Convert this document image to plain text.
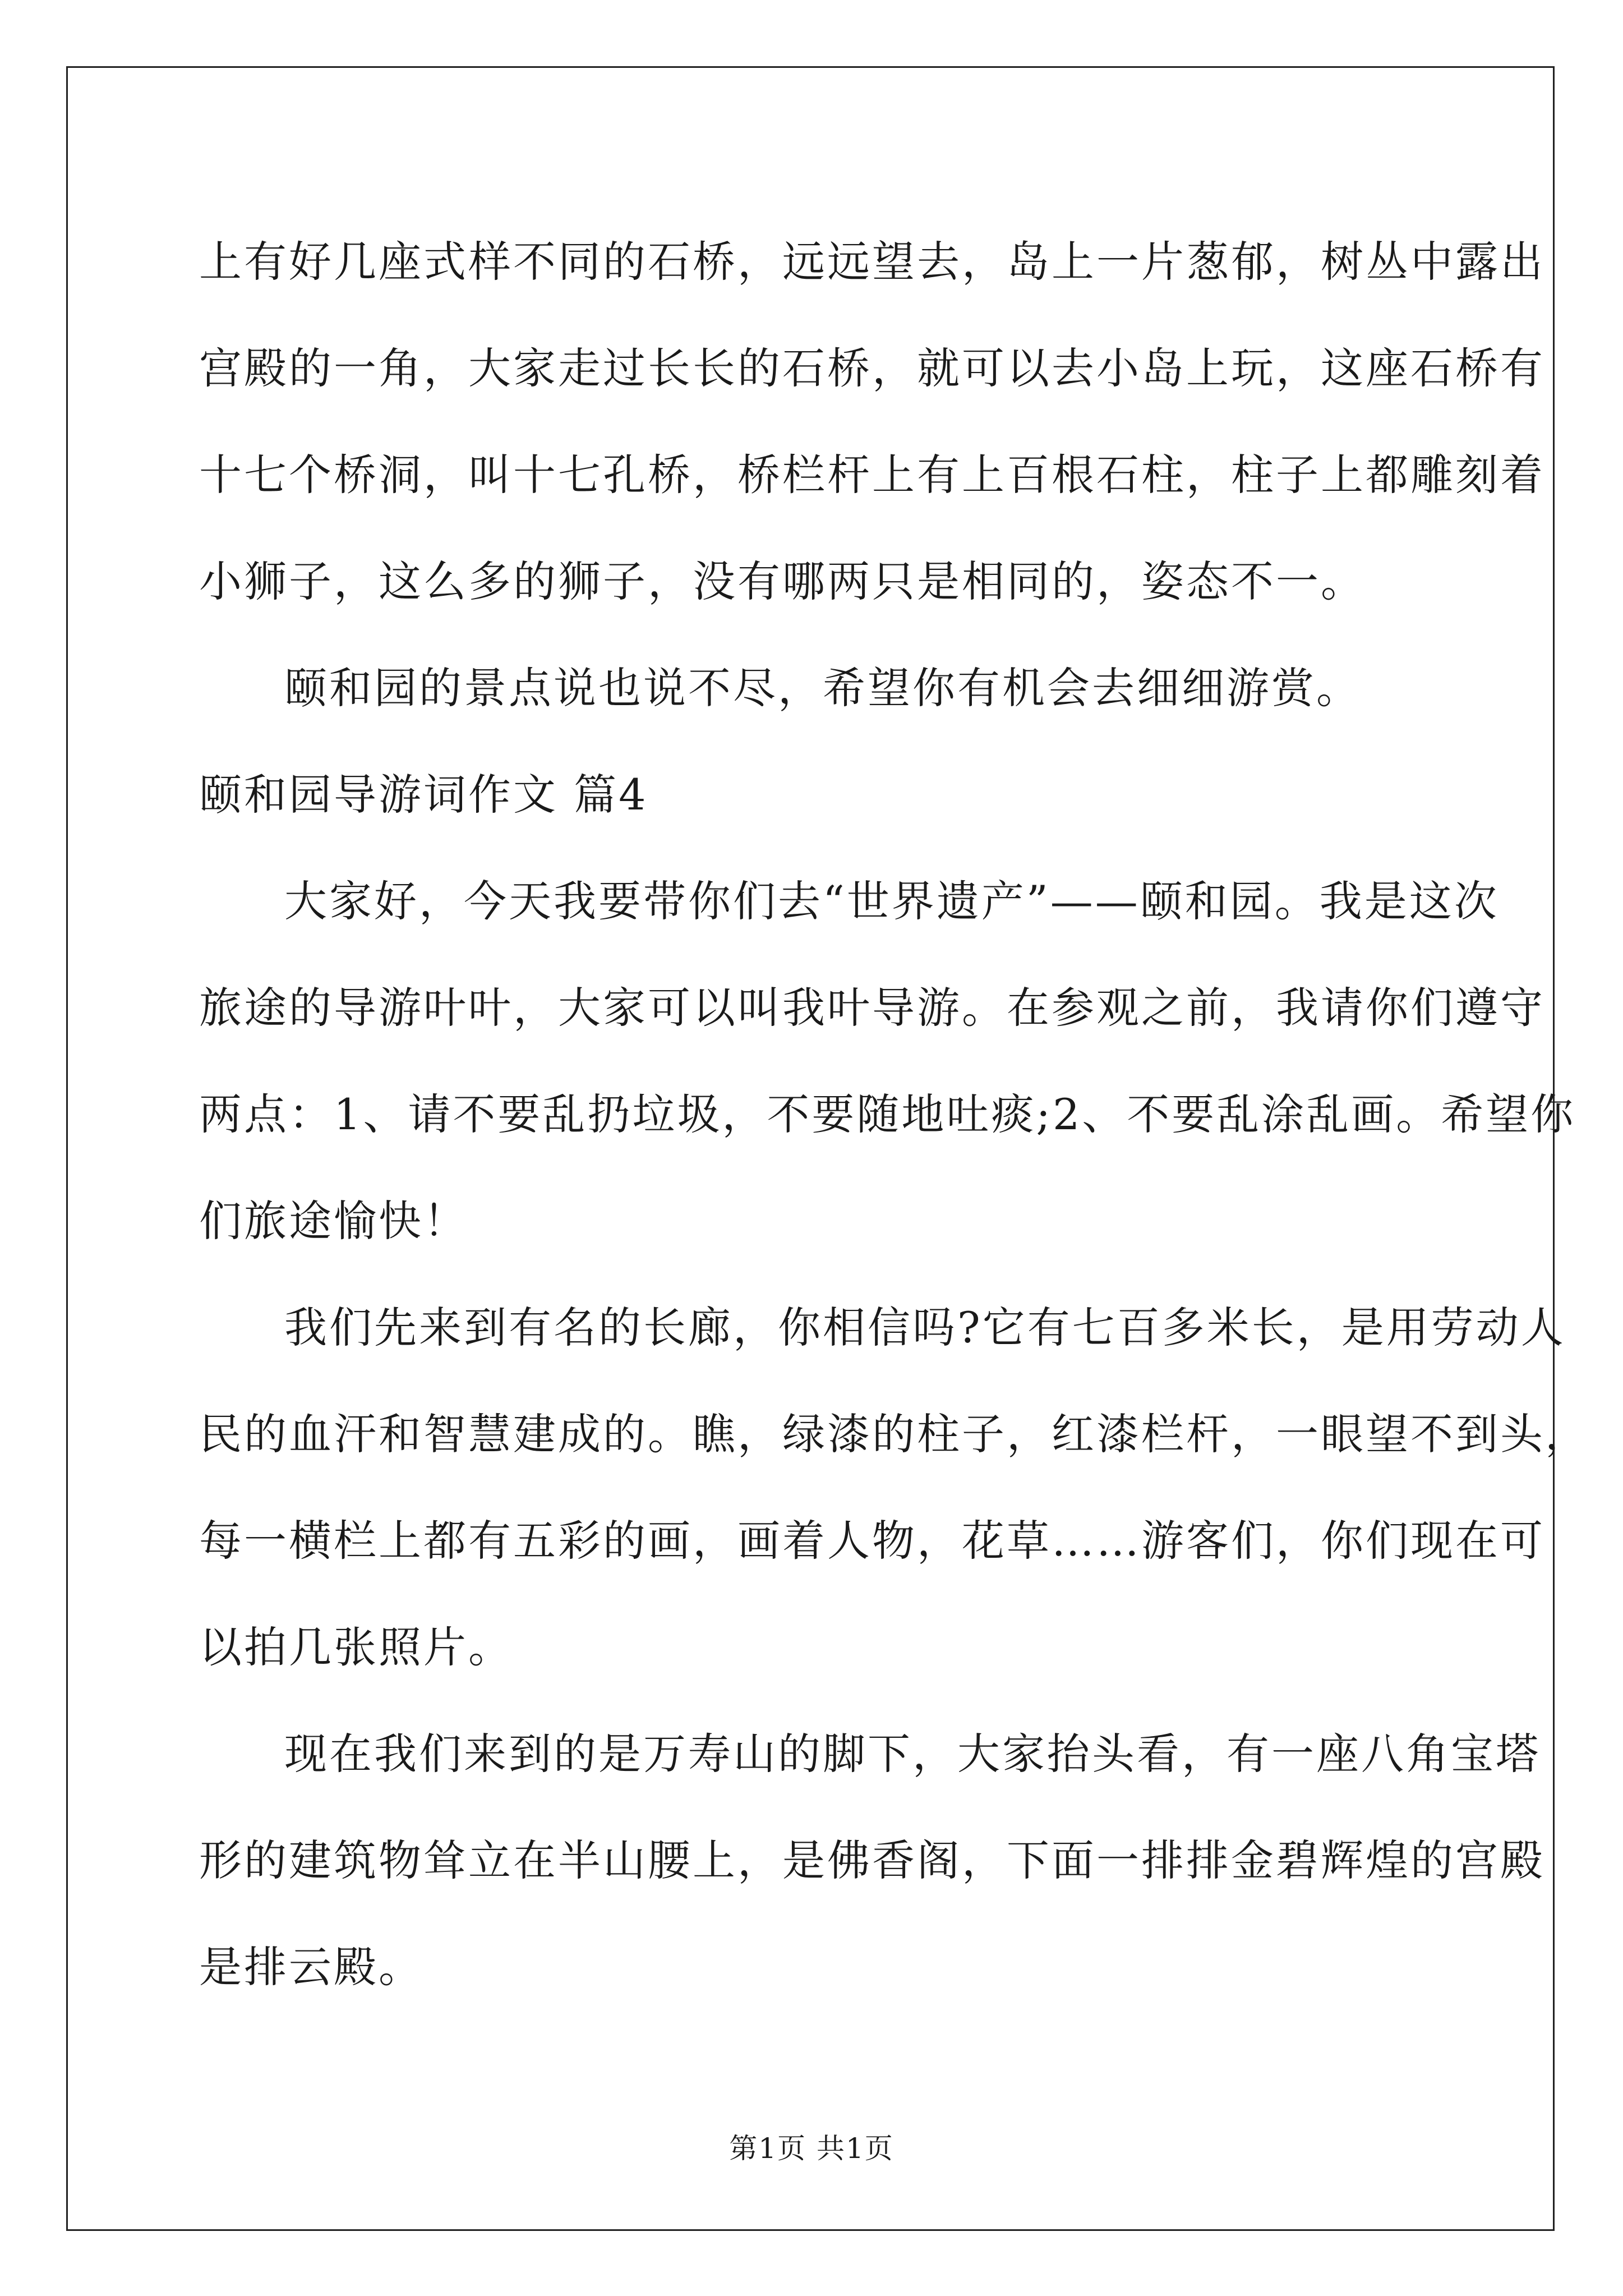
上有好几座式样不同的石桥，远远望去，岛上一片葱郁，树丛中露出
宫殿的一角，大家走过长长的石桥，就可以去小岛上玩，这座石桥有
十七个桥洞，叫十七孔桥，桥栏杆上有上百根石柱，柱子上都雕刻着
小狮子，这么多的狮子，没有哪两只是相同的，姿态不一。
颐和园的景点说也说不尽，希望你有机会去细细游赏。
颐和园导游词作文 篇4
大家好，今天我要带你们去“世界遗产”——颐和园。我是这次
旅途的导游叶叶，大家可以叫我叶导游。在参观之前，我请你们遵守
两点：1、请不要乱扔垃圾，不要随地吐痰;2、不要乱涂乱画。希望你
们旅途愉快！
我们先来到有名的长廊，你相信吗?它有七百多米长，是用劳动人
民的血汗和智慧建成的。瞧，绿漆的柱子，红漆栏杆，一眼望不到头，
每一横栏上都有五彩的画，画着人物，花草……游客们，你们现在可
以拍几张照片。
现在我们来到的是万寿山的脚下，大家抬头看，有一座八角宝塔
形的建筑物耸立在半山腰上，是佛香阁，下面一排排金碧辉煌的宫殿
是排云殿。
第1页 共1页
